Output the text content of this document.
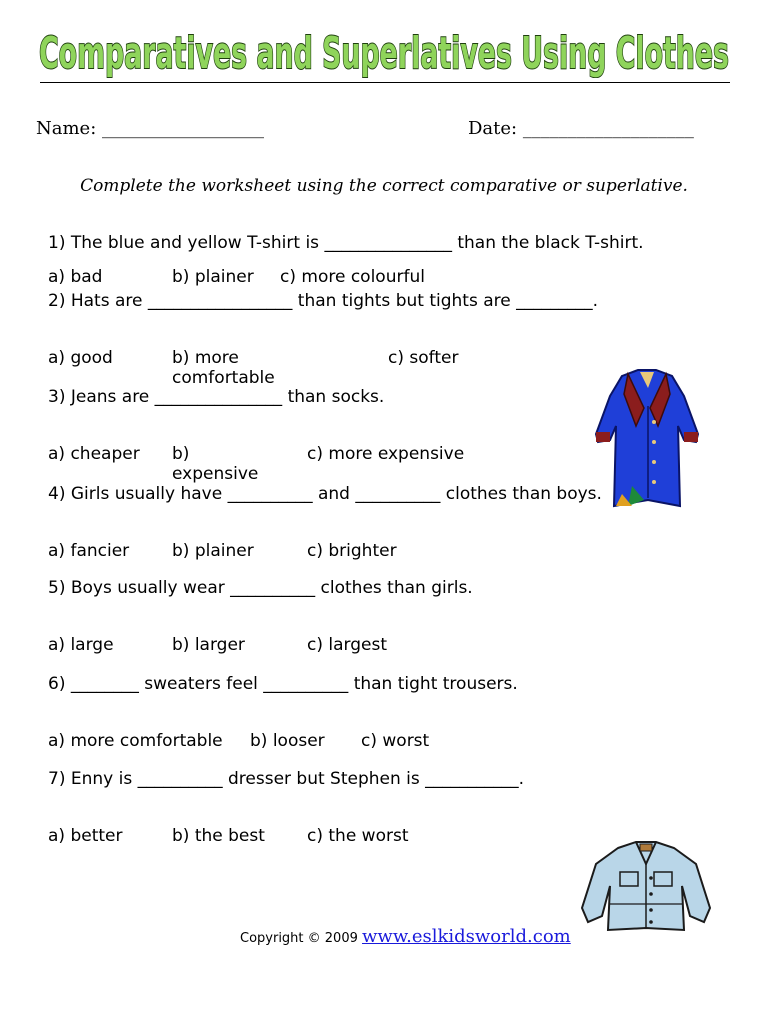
Comparatives and Superlatives Using Clothes
Name: __________________	Date: ___________________
Complete the worksheet using the correct comparative or superlative.
1) The blue and yellow T-shirt is _______________ than the black T-shirt.
a) bad	b) plainer c) more colourful
2) Hats are _________________ than tights but tights are _________.
a) good	b) more comfortable
c) softer
3) Jeans are _______________ than socks.
a) cheaper b) expensive
c) more expensive
4) Girls usually have __________ and __________ clothes than boys.
a) fancier	b) plainer	c) brighter
5) Boys usually wear __________ clothes than girls.
a) large	b) larger	c) largest
6) ________ sweaters feel __________ than tight trousers.
a) more comfortable b) looser c) worst
7) Enny is __________ dresser but Stephen is ___________.
a) better	b) the best c) the worst
Copyright © 2009 www.eslkidsworld.com
